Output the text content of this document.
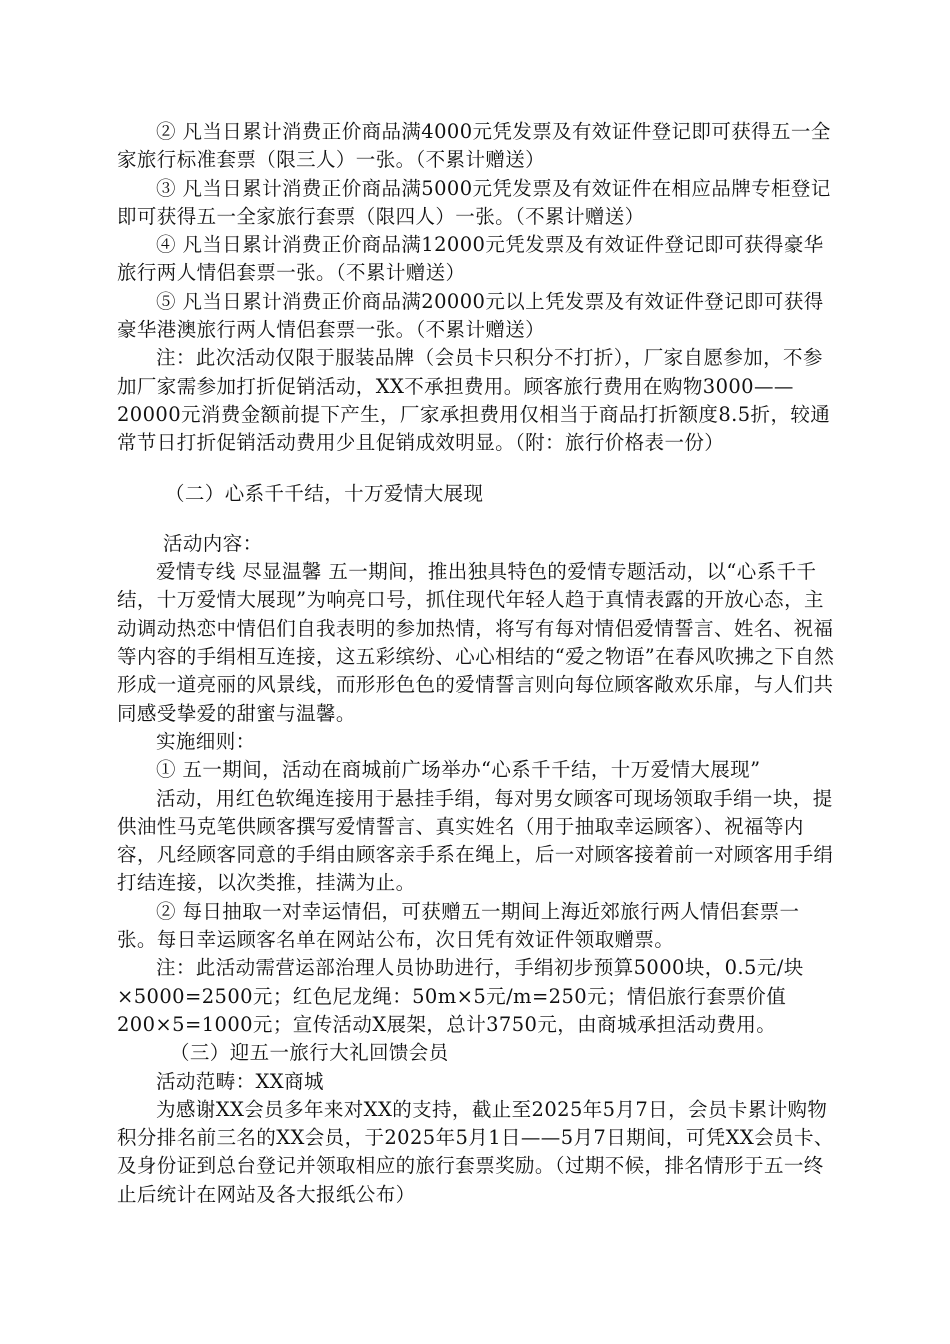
② 凡当日累计消费正价商品满4000元凭发票及有效证件登记即可获得五一全家旅行标准套票（限三人）一张。（不累计赠送）

③ 凡当日累计消费正价商品满5000元凭发票及有效证件在相应品牌专柜登记即可获得五一全家旅行套票（限四人）一张。（不累计赠送）

④ 凡当日累计消费正价商品满12000元凭发票及有效证件登记即可获得豪华旅行两人情侣套票一张。（不累计赠送）

⑤ 凡当日累计消费正价商品满20000元以上凭发票及有效证件登记即可获得豪华港澳旅行两人情侣套票一张。（不累计赠送）

注：此次活动仅限于服装品牌（会员卡只积分不打折），厂家自愿参加，不参加厂家需参加打折促销活动，XX不承担费用。顾客旅行费用在购物3000——20000元消费金额前提下产生，厂家承担费用仅相当于商品打折额度8.5折，较通常节日打折促销活动费用少且促销成效明显。（附：旅行价格表一份）

（二）心系千千结，十万爱情大展现

活动内容：

爱情专线 尽显温馨 五一期间，推出独具特色的爱情专题活动，以“心系千千结，十万爱情大展现”为响亮口号，抓住现代年轻人趋于真情表露的开放心态，主动调动热恋中情侣们自我表明的参加热情，将写有每对情侣爱情誓言、姓名、祝福等内容的手绢相互连接，这五彩缤纷、心心相结的“爱之物语”在春风吹拂之下自然形成一道亮丽的风景线，而形形色色的爱情誓言则向每位顾客敞欢乐扉，与人们共同感受挚爱的甜蜜与温馨。

实施细则：

① 五一期间，活动在商城前广场举办“心系千千结，十万爱情大展现”

活动，用红色软绳连接用于悬挂手绢，每对男女顾客可现场领取手绢一块，提供油性马克笔供顾客撰写爱情誓言、真实姓名（用于抽取幸运顾客）、祝福等内容，凡经顾客同意的手绢由顾客亲手系在绳上，后一对顾客接着前一对顾客用手绢打结连接，以次类推，挂满为止。

② 每日抽取一对幸运情侣，可获赠五一期间上海近郊旅行两人情侣套票一张。每日幸运顾客名单在网站公布，次日凭有效证件领取赠票。

注：此活动需营运部治理人员协助进行，手绢初步预算5000块，0.5元/块×5000=2500元；红色尼龙绳：50m×5元/m=250元；情侣旅行套票价值200×5=1000元；宣传活动X展架，总计3750元，由商城承担活动费用。

（三）迎五一旅行大礼回馈会员

活动范畴：XX商城

为感谢XX会员多年来对XX的支持，截止至2025年5月7日，会员卡累计购物积分排名前三名的XX会员，于2025年5月1日——5月7日期间，可凭XX会员卡、及身份证到总台登记并领取相应的旅行套票奖励。（过期不候，排名情形于五一终止后统计在网站及各大报纸公布）
